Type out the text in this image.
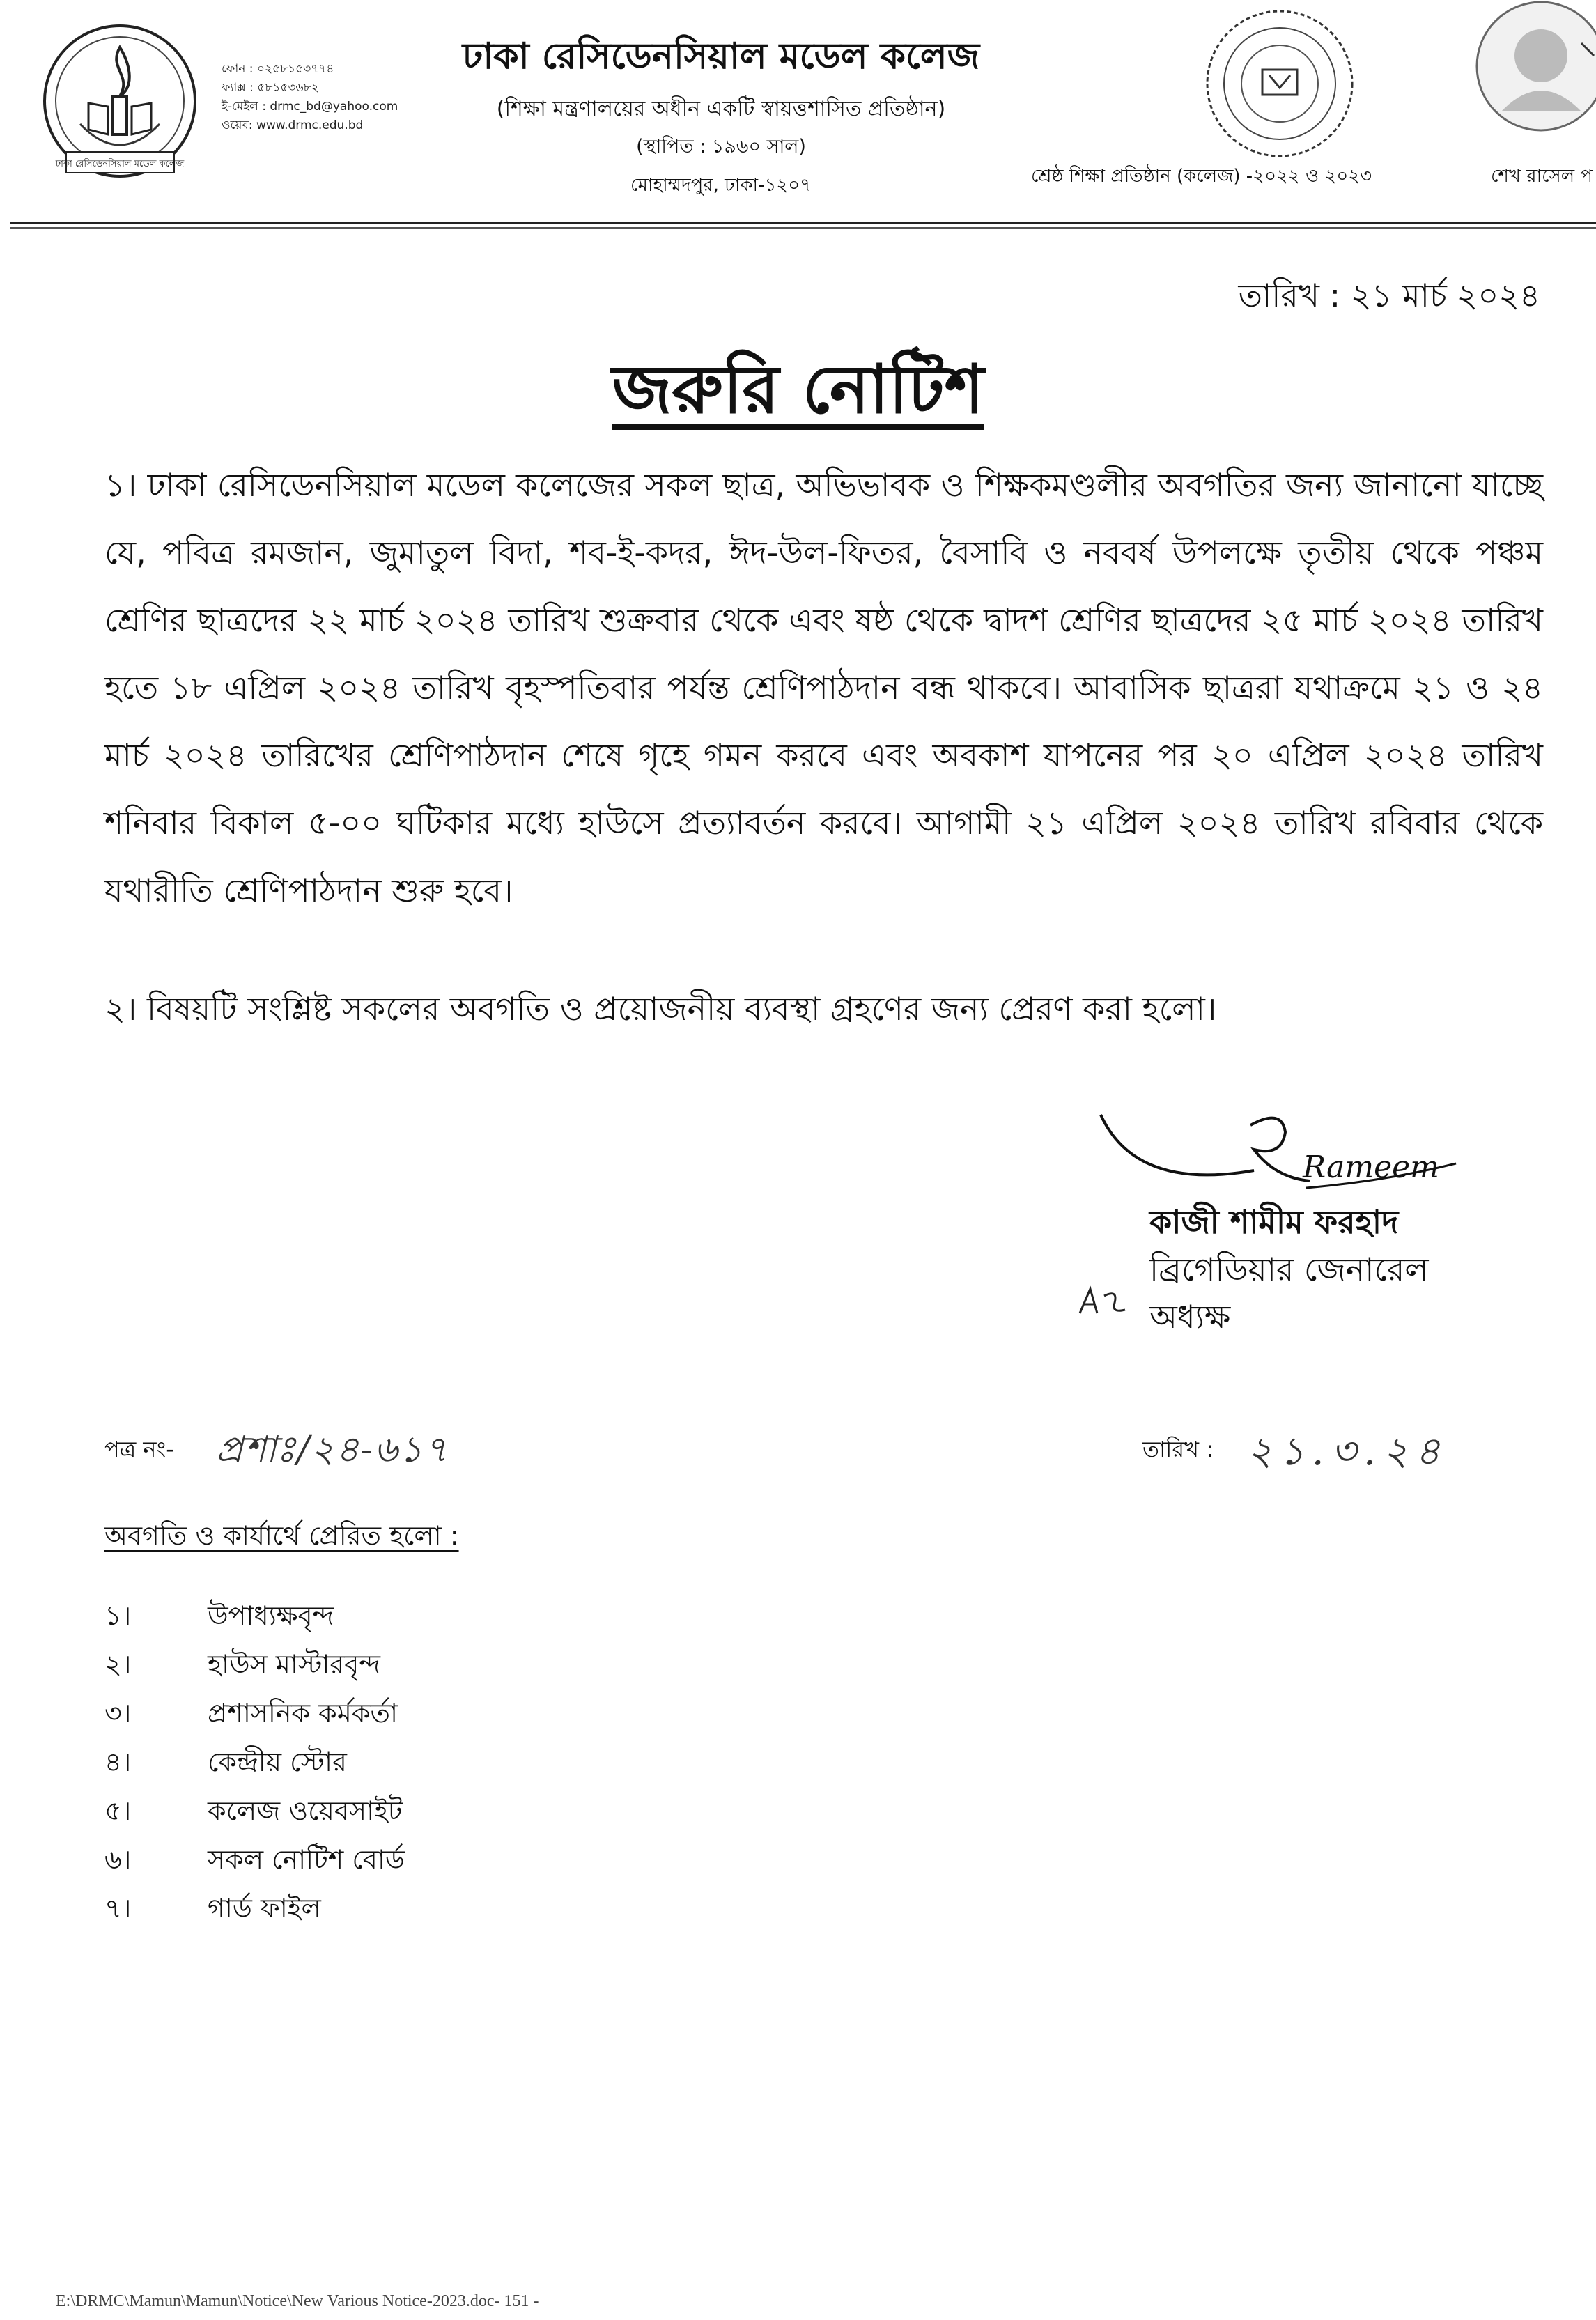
ঢাকা রেসিডেনসিয়াল মডেল কলেজ
ফোন : ০২৫৮১৫৩৭৭৪
ফ্যাক্স : ৫৮১৫৩৬৮২
ই-মেইল : drmc_bd@yahoo.com
ওয়েব: www.drmc.edu.bd
ঢাকা রেসিডেনসিয়াল মডেল কলেজ
(শিক্ষা মন্ত্রণালয়ের অধীন একটি স্বায়ত্তশাসিত প্রতিষ্ঠান)
(স্থাপিত : ১৯৬০ সাল)
মোহাম্মদপুর, ঢাকা-১২০৭	শ্রেষ্ঠ শিক্ষা প্রতিষ্ঠান (কলেজ) -২০২২ ও ২০২৩	শেখ রাসেল প
তারিখ : ২১ মার্চ ২০২৪
জরুরি নোটিশ
১। ঢাকা রেসিডেনসিয়াল মডেল কলেজের সকল ছাত্র, অভিভাবক ও শিক্ষকমণ্ডলীর অবগতির জন্য জানানো যাচ্ছে যে, পবিত্র রমজান, জুমাতুল বিদা, শব-ই-কদর, ঈদ-উল-ফিতর, বৈসাবি ও নববর্ষ উপলক্ষে তৃতীয় থেকে পঞ্চম শ্রেণির ছাত্রদের ২২ মার্চ ২০২৪ তারিখ শুক্রবার থেকে এবং ষষ্ঠ থেকে দ্বাদশ শ্রেণির ছাত্রদের ২৫ মার্চ ২০২৪ তারিখ হতে ১৮ এপ্রিল ২০২৪ তারিখ বৃহস্পতিবার পর্যন্ত শ্রেণিপাঠদান বন্ধ থাকবে। আবাসিক ছাত্ররা যথাক্রমে ২১ ও ২৪ মার্চ ২০২৪ তারিখের শ্রেণিপাঠদান শেষে গৃহে গমন করবে এবং অবকাশ যাপনের পর ২০ এপ্রিল ২০২৪ তারিখ শনিবার বিকাল ৫-০০ ঘটিকার মধ্যে হাউসে প্রত্যাবর্তন করবে। আগামী ২১ এপ্রিল ২০২৪ তারিখ রবিবার থেকে যথারীতি শ্রেণিপাঠদান শুরু হবে।
২। বিষয়টি সংশ্লিষ্ট সকলের অবগতি ও প্রয়োজনীয় ব্যবস্থা গ্রহণের জন্য প্রেরণ করা হলো।
Rameem
কাজী শামীম ফরহাদ
ব্রিগেডিয়ার জেনারেল
অধ্যক্ষ
পত্র নং- প্রশাঃ/২৪-৬১৭	তারিখ : ২১.৩.২৪
অবগতি ও কার্যার্থে প্রেরিত হলো :
১।	উপাধ্যক্ষবৃন্দ
২।	হাউস মাস্টারবৃন্দ
৩।	প্রশাসনিক কর্মকর্তা
৪।	কেন্দ্রীয় স্টোর
৫।	কলেজ ওয়েবসাইট
৬।	সকল নোটিশ বোর্ড
৭।	গার্ড ফাইল
E:\DRMC\Mamun\Mamun\Notice\New Various Notice-2023.doc- 151 -
